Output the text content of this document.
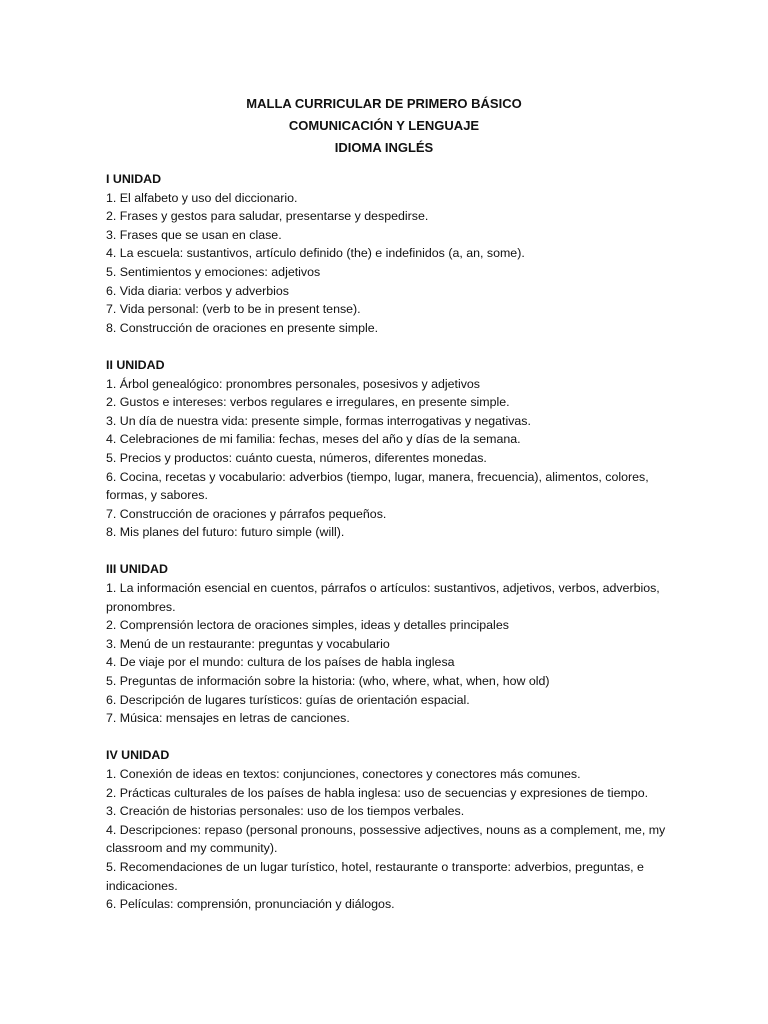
MALLA CURRICULAR DE PRIMERO BÁSICO
COMUNICACIÓN Y LENGUAJE
IDIOMA INGLÉS
I UNIDAD
1. El alfabeto y uso del diccionario.
2. Frases y gestos para saludar, presentarse y despedirse.
3. Frases que se usan en clase.
4. La escuela: sustantivos, artículo definido (the) e indefinidos (a, an, some).
5. Sentimientos y emociones: adjetivos
6. Vida diaria: verbos y adverbios
7. Vida personal: (verb to be in present tense).
8. Construcción de oraciones en presente simple.
II UNIDAD
1. Árbol genealógico: pronombres personales, posesivos y adjetivos
2. Gustos e intereses: verbos regulares e irregulares, en presente simple.
3. Un día de nuestra vida: presente simple, formas interrogativas y negativas.
4. Celebraciones de mi familia: fechas, meses del año y días de la semana.
5. Precios y productos: cuánto cuesta, números, diferentes monedas.
6. Cocina, recetas y vocabulario: adverbios (tiempo, lugar, manera, frecuencia), alimentos, colores, formas, y sabores.
7. Construcción de oraciones y párrafos pequeños.
8. Mis planes del futuro: futuro simple (will).
III UNIDAD
1. La información esencial en cuentos, párrafos o artículos: sustantivos, adjetivos, verbos, adverbios, pronombres.
2. Comprensión lectora de oraciones simples, ideas y detalles principales
3. Menú de un restaurante: preguntas y vocabulario
4. De viaje por el mundo: cultura de los países de habla inglesa
5. Preguntas de información sobre la historia: (who, where, what, when, how old)
6. Descripción de lugares turísticos: guías de orientación espacial.
7. Música: mensajes en letras de canciones.
IV UNIDAD
1. Conexión de ideas en textos: conjunciones, conectores y conectores más comunes.
2. Prácticas culturales de los países de habla inglesa: uso de secuencias y expresiones de tiempo.
3. Creación de historias personales: uso de los tiempos verbales.
4. Descripciones: repaso (personal pronouns, possessive adjectives, nouns as a complement, me, my classroom and my community).
5. Recomendaciones de un lugar turístico, hotel, restaurante o transporte: adverbios, preguntas, e indicaciones.
6. Películas: comprensión, pronunciación y diálogos.
